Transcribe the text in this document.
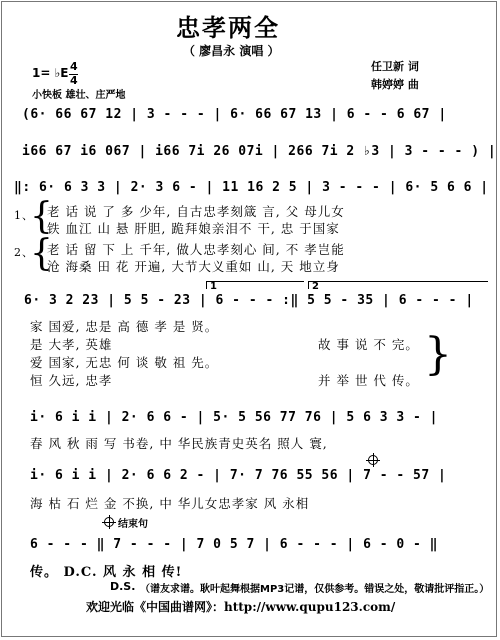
忠孝两全
（ 廖昌永 演唱 ）
任卫新 词
韩婷婷 曲
1= ♭E 4
4
小快板 雄壮、庄严地
(6· 66 67 12 | 3 - - - | 6· 66 67 13 | 6 - - 6 67 |
i66 67 i6 067 | i66 7i 26 07i | 266 7i 2 ♭3 | 3 - - - ) |
‖: 6· 6 3 3 | 2· 3 6 - | 11 16 2 5 | 3 - - - | 6· 5 6 6 |
1、
{
老 话 说 了 多 少年, 自古忠孝刻箴 言, 父 母儿女
铁 血江 山 悬 肝胆, 跪拜娘亲泪不 干, 忠 于国家
2、
{
老 话 留 下 上 千年, 做人忠孝刻心 间, 不 孝岂能
沧 海桑 田 花 开遍, 大节大义重如 山, 天 地立身
1	2
6· 3 2 23 | 5 5 - 23 | 6 - - - :‖ 5 5 - 35 | 6 - - - |
家 国爱, 忠是 高 德 孝 是 贤。
是 大孝, 英雄	故 事 说 不 完。
爱 国家, 无忠 何 谈 敬 祖 先。
恒 久远, 忠孝	并 举 世 代 传。
}
i· 6 i i | 2· 6 6 - | 5· 5 56 77 76 | 5 6 3 3 - |
春 风 秋 雨 写 书卷, 中 华民族青史英名 照人 寰,
i· 6 i i | 2· 6 6 2 - | 7· 7 76 55 56 | 7 - - 57 |
海 枯 石 烂 金 不换, 中 华儿女忠孝家 风 永相
结束句
6 - - - ‖ 7 - - - | 7 0 5 7 | 6 - - - | 6 - 0 - ‖
传。 D.C. 风 永 相 传!
D.S. （谱友求谱。耿叶起舞根据MP3记谱，仅供参考。错误之处，敬请批评指正。）
欢迎光临《中国曲谱网》：http://www.qupu123.com/
